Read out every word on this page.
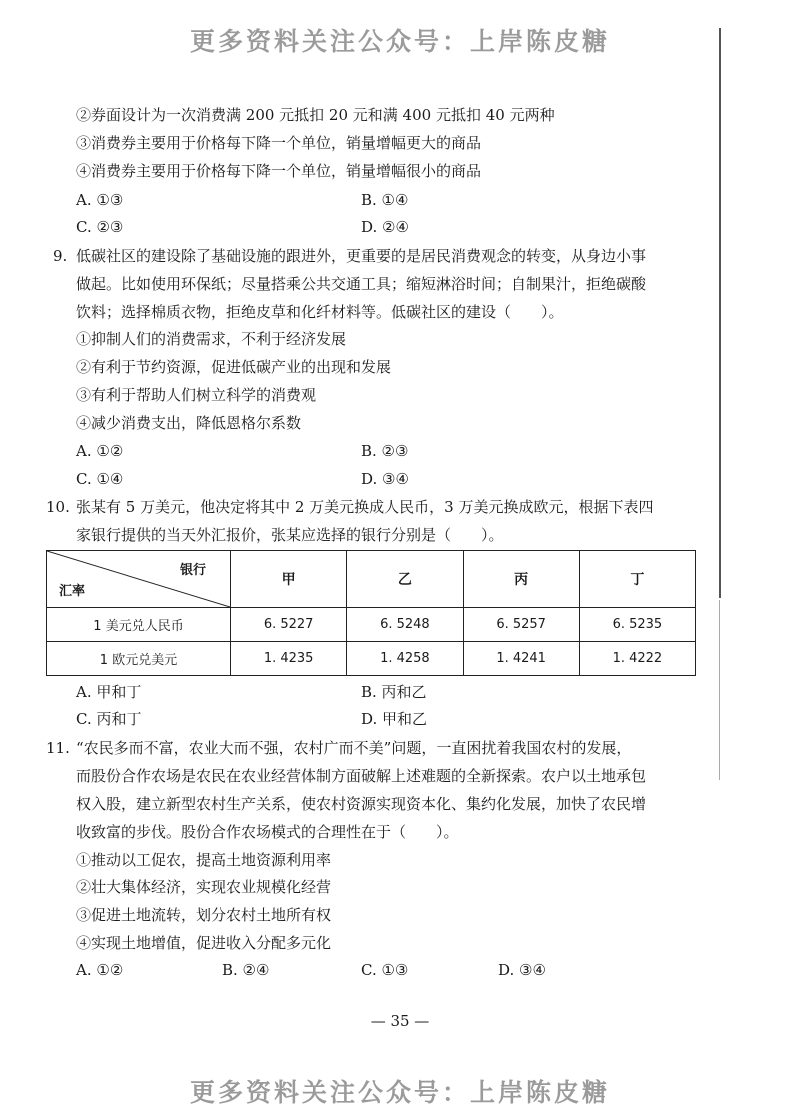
更多资料关注公众号：上岸陈皮糖
②券面设计为一次消费满 200 元抵扣 20 元和满 400 元抵扣 40 元两种
③消费券主要用于价格每下降一个单位，销量增幅更大的商品
④消费券主要用于价格每下降一个单位，销量增幅很小的商品
A. ①③	B. ①④
C. ②③	D. ②④
9. 低碳社区的建设除了基础设施的跟进外，更重要的是居民消费观念的转变，从身边小事
做起。比如使用环保纸；尽量搭乘公共交通工具；缩短淋浴时间；自制果汁，拒绝碳酸
饮料；选择棉质衣物，拒绝皮草和化纤材料等。低碳社区的建设（　　）。
①抑制人们的消费需求，不利于经济发展
②有利于节约资源，促进低碳产业的出现和发展
③有利于帮助人们树立科学的消费观
④减少消费支出，降低恩格尔系数
A. ①②	B. ②③
C. ①④	D. ③④
10. 张某有 5 万美元，他决定将其中 2 万美元换成人民币，3 万美元换成欧元，根据下表四
家银行提供的当天外汇报价，张某应选择的银行分别是（　　）。
银行
汇率	甲	乙	丙	丁
1 美元兑人民币	6. 5227	6. 5248	6. 5257	6. 5235
1 欧元兑美元	1. 4235	1. 4258	1. 4241	1. 4222
A. 甲和丁	B. 丙和乙
C. 丙和丁	D. 甲和乙
11. “农民多而不富，农业大而不强，农村广而不美”问题，一直困扰着我国农村的发展，
而股份合作农场是农民在农业经营体制方面破解上述难题的全新探索。农户以土地承包
权入股，建立新型农村生产关系，使农村资源实现资本化、集约化发展，加快了农民增
收致富的步伐。股份合作农场模式的合理性在于（　　）。
①推动以工促农，提高土地资源利用率
②壮大集体经济，实现农业规模化经营
③促进土地流转，划分农村土地所有权
④实现土地增值，促进收入分配多元化
A. ①②	B. ②④	C. ①③	D. ③④
— 35 —
更多资料关注公众号：上岸陈皮糖
